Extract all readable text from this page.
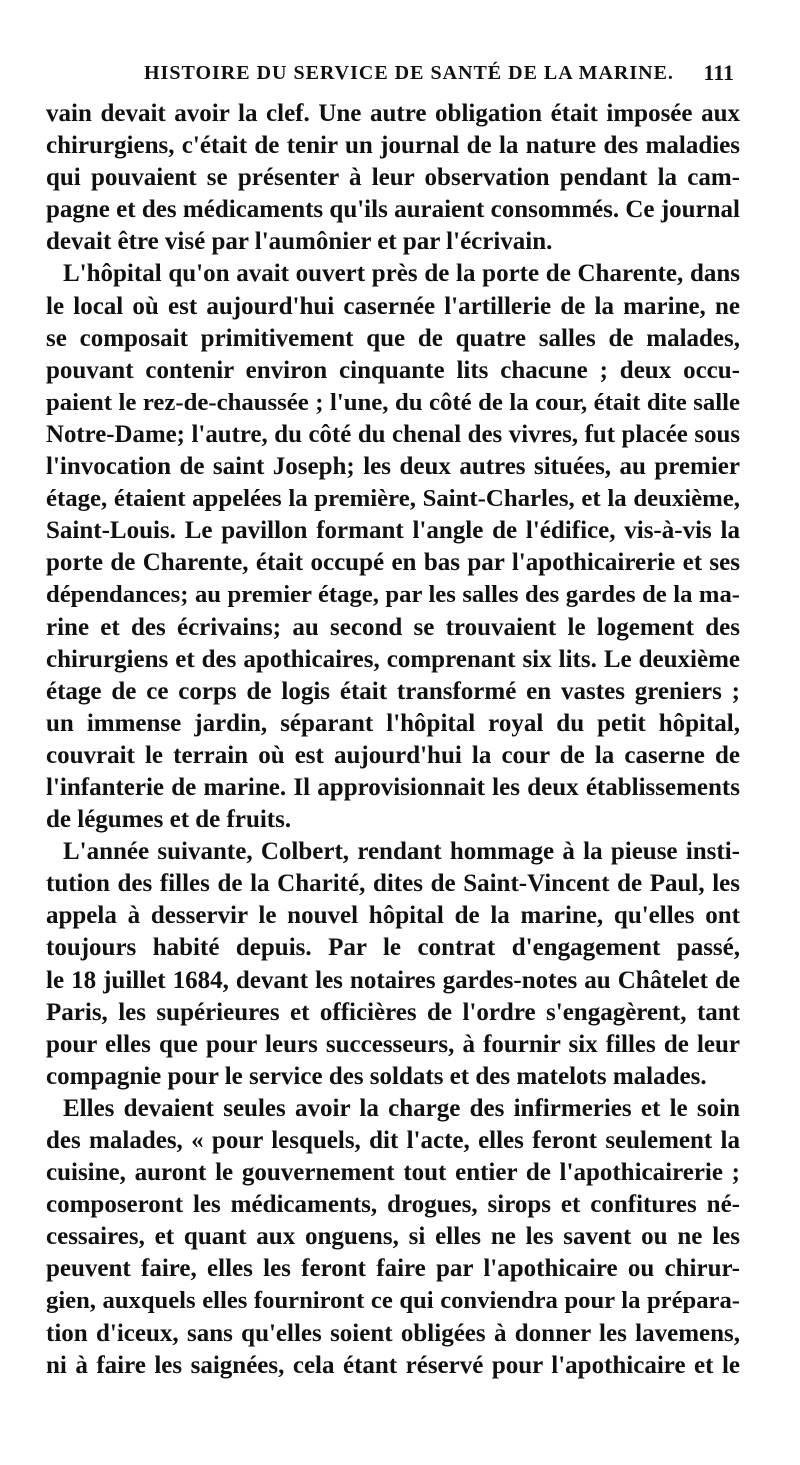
HISTOIRE DU SERVICE DE SANTÉ DE LA MARINE. 111
vain devait avoir la clef. Une autre obligation était imposée aux
chirurgiens, c'était de tenir un journal de la nature des maladies
qui pouvaient se présenter à leur observation pendant la cam-
pagne et des médicaments qu'ils auraient consommés. Ce journal
devait être visé par l'aumônier et par l'écrivain.
L'hôpital qu'on avait ouvert près de la porte de Charente, dans
le local où est aujourd'hui casernée l'artillerie de la marine, ne
se composait primitivement que de quatre salles de malades,
pouvant contenir environ cinquante lits chacune ; deux occu-
paient le rez-de-chaussée ; l'une, du côté de la cour, était dite salle
Notre-Dame; l'autre, du côté du chenal des vivres, fut placée sous
l'invocation de saint Joseph; les deux autres situées, au premier
étage, étaient appelées la première, Saint-Charles, et la deuxième,
Saint-Louis. Le pavillon formant l'angle de l'édifice, vis-à-vis la
porte de Charente, était occupé en bas par l'apothicairerie et ses
dépendances; au premier étage, par les salles des gardes de la ma-
rine et des écrivains; au second se trouvaient le logement des
chirurgiens et des apothicaires, comprenant six lits. Le deuxième
étage de ce corps de logis était transformé en vastes greniers ;
un immense jardin, séparant l'hôpital royal du petit hôpital,
couvrait le terrain où est aujourd'hui la cour de la caserne de
l'infanterie de marine. Il approvisionnait les deux établissements
de légumes et de fruits.
L'année suivante, Colbert, rendant hommage à la pieuse insti-
tution des filles de la Charité, dites de Saint-Vincent de Paul, les
appela à desservir le nouvel hôpital de la marine, qu'elles ont
toujours habité depuis. Par le contrat d'engagement passé,
le 18 juillet 1684, devant les notaires gardes-notes au Châtelet de
Paris, les supérieures et officières de l'ordre s'engagèrent, tant
pour elles que pour leurs successeurs, à fournir six filles de leur
compagnie pour le service des soldats et des matelots malades.
Elles devaient seules avoir la charge des infirmeries et le soin
des malades, « pour lesquels, dit l'acte, elles feront seulement la
cuisine, auront le gouvernement tout entier de l'apothicairerie ;
composeront les médicaments, drogues, sirops et confitures né-
cessaires, et quant aux onguens, si elles ne les savent ou ne les
peuvent faire, elles les feront faire par l'apothicaire ou chirur-
gien, auxquels elles fourniront ce qui conviendra pour la prépara-
tion d'iceux, sans qu'elles soient obligées à donner les lavemens,
ni à faire les saignées, cela étant réservé pour l'apothicaire et le
